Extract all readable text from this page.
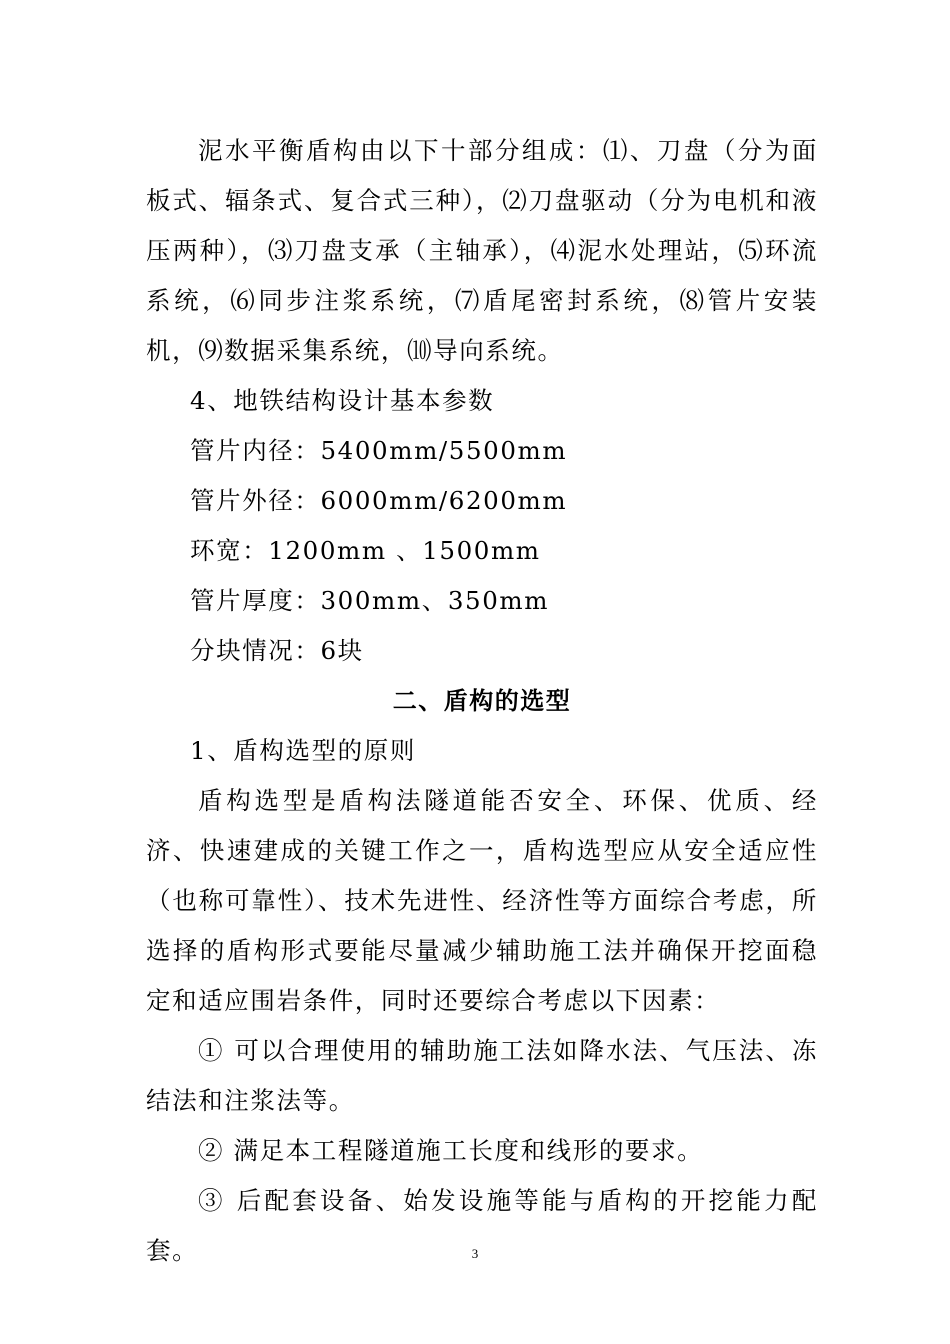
泥水平衡盾构由以下十部分组成：⑴、刀盘（分为面板式、辐条式、复合式三种），⑵刀盘驱动（分为电机和液压两种），⑶刀盘支承（主轴承），⑷泥水处理站，⑸环流系统，⑹同步注浆系统，⑺盾尾密封系统，⑻管片安装机，⑼数据采集系统，⑽导向系统。

4、地铁结构设计基本参数

管片内径：5400mm/5500mm

管片外径：6000mm/6200mm

环宽：1200mm 、1500mm

管片厚度：300mm、350mm

分块情况：6块

二、盾构的选型

1、盾构选型的原则

盾构选型是盾构法隧道能否安全、环保、优质、经济、快速建成的关键工作之一，盾构选型应从安全适应性（也称可靠性）、技术先进性、经济性等方面综合考虑，所选择的盾构形式要能尽量减少辅助施工法并确保开挖面稳定和适应围岩条件，同时还要综合考虑以下因素：

① 可以合理使用的辅助施工法如降水法、气压法、冻结法和注浆法等。

② 满足本工程隧道施工长度和线形的要求。

③ 后配套设备、始发设施等能与盾构的开挖能力配套。	3
